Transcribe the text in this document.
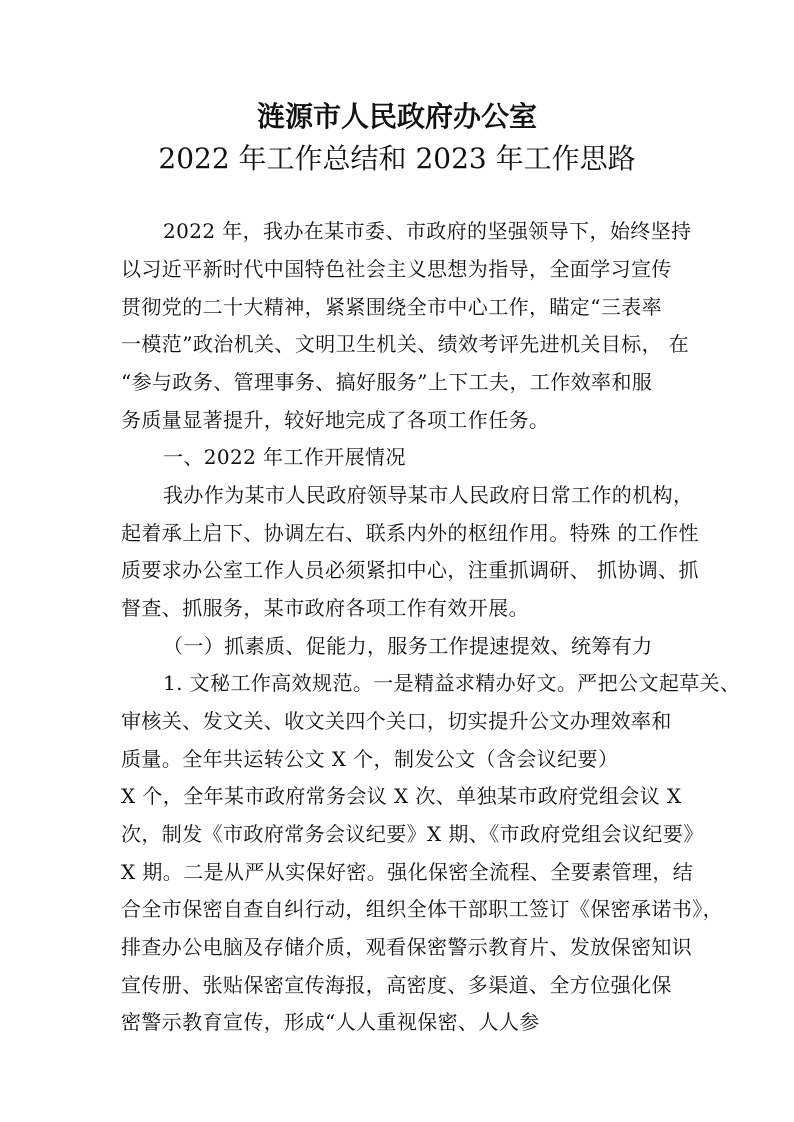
涟源市人民政府办公室
2022 年工作总结和 2023 年工作思路
2022 年，我办在某市委、市政府的坚强领导下，始终坚持
以习近平新时代中国特色社会主义思想为指导，全面学习宣传
贯彻党的二十大精神，紧紧围绕全市中心工作，瞄定“三表率
一模范”政治机关、文明卫生机关、绩效考评先进机关目标， 在
“参与政务、管理事务、搞好服务”上下工夫，工作效率和服
务质量显著提升，较好地完成了各项工作任务。
一、2022 年工作开展情况
我办作为某市人民政府领导某市人民政府日常工作的机构，
起着承上启下、协调左右、联系内外的枢纽作用。特殊 的工作性
质要求办公室工作人员必须紧扣中心，注重抓调研、 抓协调、抓
督查、抓服务，某市政府各项工作有效开展。
（一）抓素质、促能力，服务工作提速提效、统筹有力
1. 文秘工作高效规范。一是精益求精办好文。严把公文起草关、
审核关、发文关、收文关四个关口，切实提升公文办理效率和
质量。全年共运转公文 X 个，制发公文（含会议纪要）
X 个，全年某市政府常务会议 X 次、单独某市政府党组会议 X
次，制发《市政府常务会议纪要》X 期、《市政府党组会议纪要》
X 期。二是从严从实保好密。强化保密全流程、全要素管理，结
合全市保密自查自纠行动，组织全体干部职工签订《保密承诺书》，
排查办公电脑及存储介质，观看保密警示教育片、发放保密知识
宣传册、张贴保密宣传海报，高密度、多渠道、全方位强化保
密警示教育宣传，形成“人人重视保密、人人参
